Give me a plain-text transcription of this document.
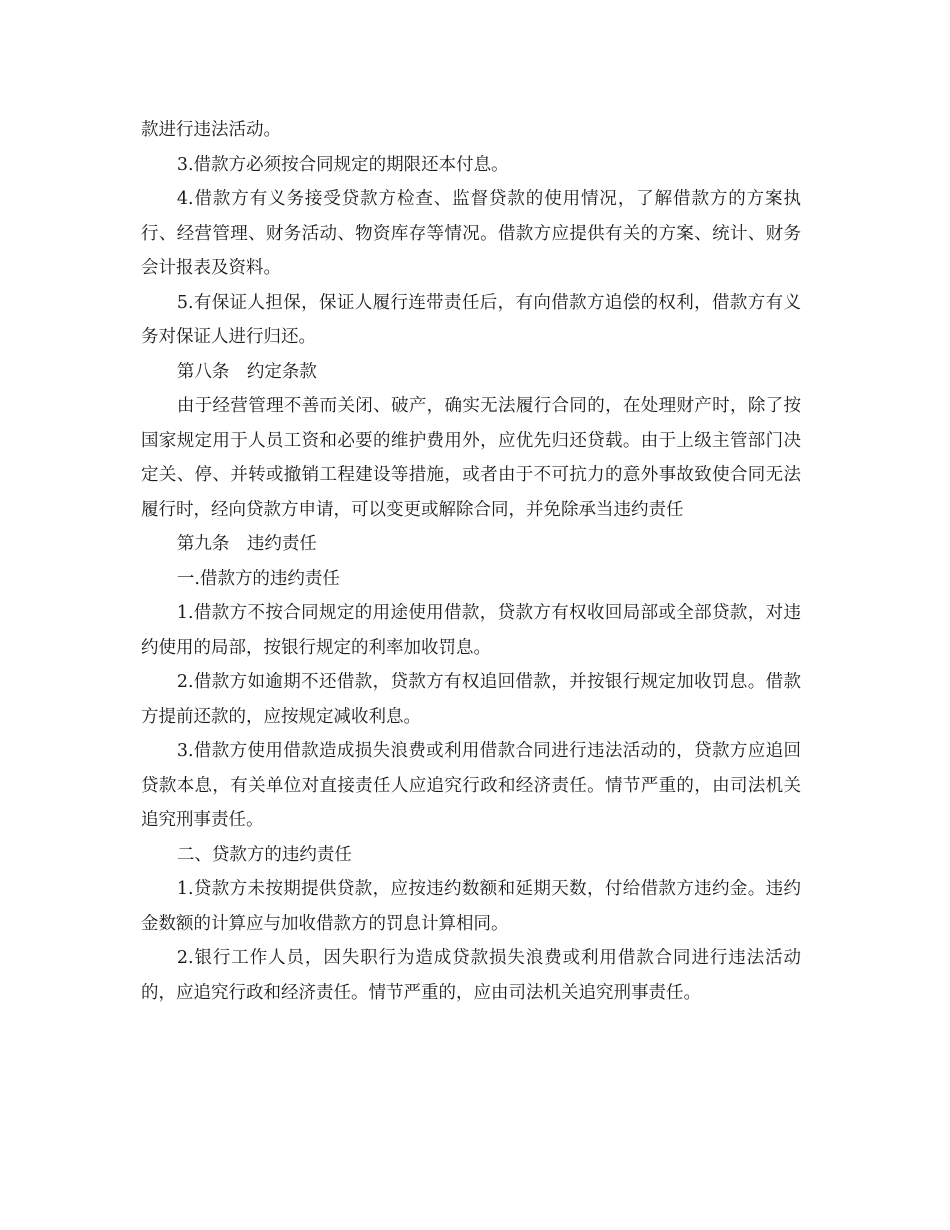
款进行违法活动。

3.借款方必须按合同规定的期限还本付息。

4.借款方有义务接受贷款方检查、监督贷款的使用情况，了解借款方的方案执行、经营管理、财务活动、物资库存等情况。借款方应提供有关的方案、统计、财务会计报表及资料。

5.有保证人担保，保证人履行连带责任后，有向借款方追偿的权利，借款方有义务对保证人进行归还。

第八条　约定条款

由于经营管理不善而关闭、破产，确实无法履行合同的，在处理财产时，除了按国家规定用于人员工资和必要的维护费用外，应优先归还贷载。由于上级主管部门决定关、停、并转或撤销工程建设等措施，或者由于不可抗力的意外事故致使合同无法履行时，经向贷款方申请，可以变更或解除合同，并免除承当违约责任

第九条　违约责任

一.借款方的违约责任

1.借款方不按合同规定的用途使用借款，贷款方有权收回局部或全部贷款，对违约使用的局部，按银行规定的利率加收罚息。

2.借款方如逾期不还借款，贷款方有权追回借款，并按银行规定加收罚息。借款方提前还款的，应按规定减收利息。

3.借款方使用借款造成损失浪费或利用借款合同进行违法活动的，贷款方应追回贷款本息，有关单位对直接责任人应追究行政和经济责任。情节严重的，由司法机关追究刑事责任。

二、贷款方的违约责任

1.贷款方未按期提供贷款，应按违约数额和延期天数，付给借款方违约金。违约金数额的计算应与加收借款方的罚息计算相同。

2.银行工作人员，因失职行为造成贷款损失浪费或利用借款合同进行违法活动的，应追究行政和经济责任。情节严重的，应由司法机关追究刑事责任。
